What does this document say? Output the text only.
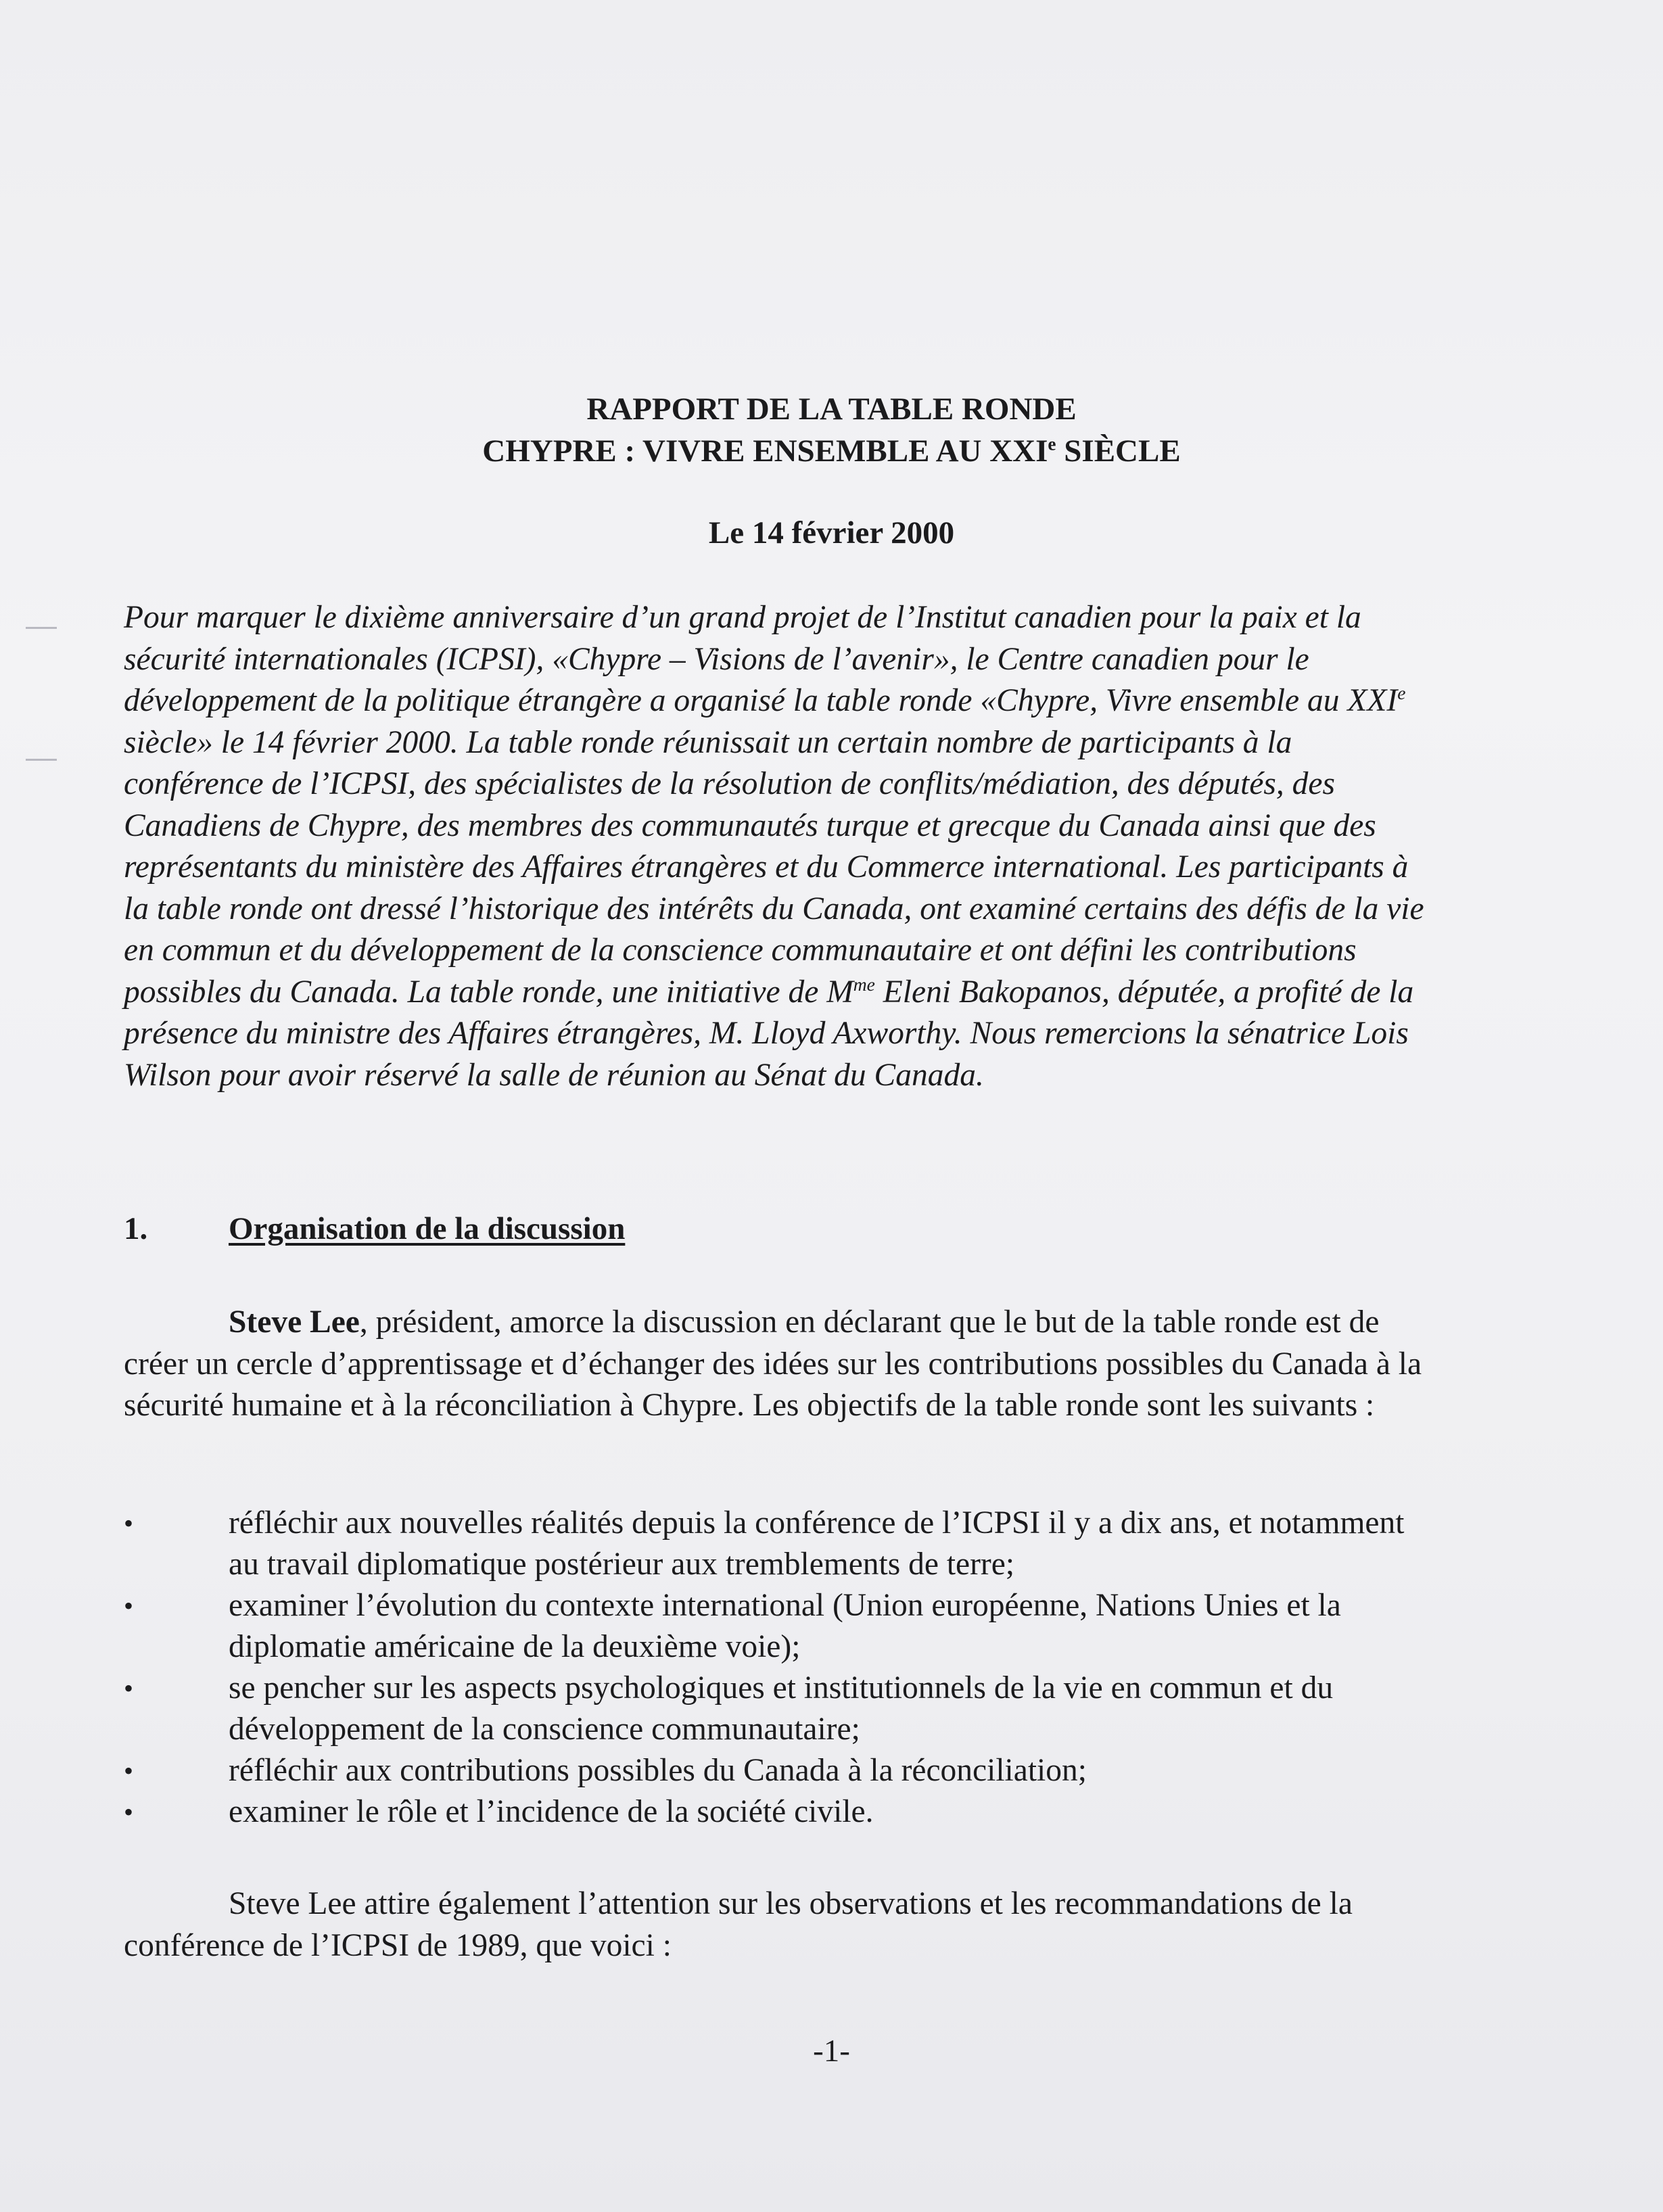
RAPPORT DE LA TABLE RONDE
CHYPRE : VIVRE ENSEMBLE AU XXIe SIÈCLE
Le 14 février 2000

Pour marquer le dixième anniversaire d’un grand projet de l’Institut canadien pour la paix et la sécurité internationales (ICPSI), «Chypre – Visions de l’avenir», le Centre canadien pour le développement de la politique étrangère a organisé la table ronde «Chypre, Vivre ensemble au XXIe siècle» le 14 février 2000. La table ronde réunissait un certain nombre de participants à la conférence de l’ICPSI, des spécialistes de la résolution de conflits/médiation, des députés, des Canadiens de Chypre, des membres des communautés turque et grecque du Canada ainsi que des représentants du ministère des Affaires étrangères et du Commerce international. Les participants à la table ronde ont dressé l’historique des intérêts du Canada, ont examiné certains des défis de la vie en commun et du développement de la conscience communautaire et ont défini les contributions possibles du Canada. La table ronde, une initiative de $M^{me}$ Eleni Bakopanos, députée, a profité de la présence du ministre des Affaires étrangères, M. Lloyd Axworthy. Nous remercions la sénatrice Lois Wilson pour avoir réservé la salle de réunion au Sénat du Canada.

1.	Organisation de la discussion

Steve Lee, président, amorce la discussion en déclarant que le but de la table ronde est de créer un cercle d’apprentissage et d’échanger des idées sur les contributions possibles du Canada à la sécurité humaine et à la réconciliation à Chypre. Les objectifs de la table ronde sont les suivants :

•	réfléchir aux nouvelles réalités depuis la conférence de l’ICPSI il y a dix ans, et notamment au travail diplomatique postérieur aux tremblements de terre;
•	examiner l’évolution du contexte international (Union européenne, Nations Unies et la diplomatie américaine de la deuxième voie);
•	se pencher sur les aspects psychologiques et institutionnels de la vie en commun et du développement de la conscience communautaire;
•	réfléchir aux contributions possibles du Canada à la réconciliation;
•	examiner le rôle et l’incidence de la société civile.

Steve Lee attire également l’attention sur les observations et les recommandations de la conférence de l’ICPSI de 1989, que voici :

-1-
